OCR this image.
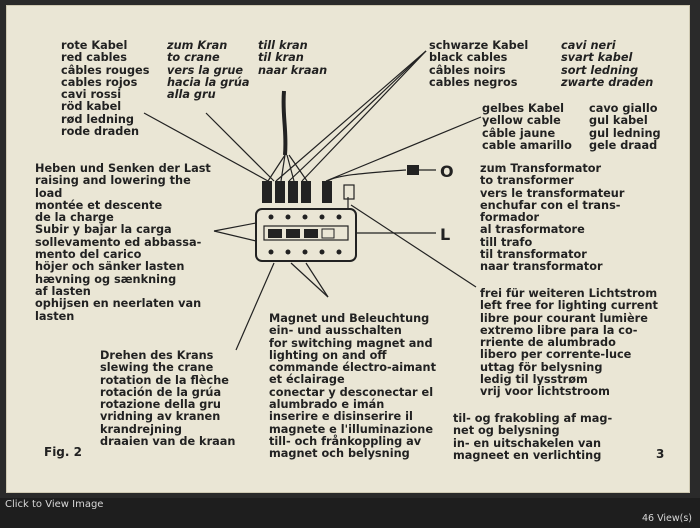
O
L
rote Kabel
red cables
câbles rouges
cables rojos
cavi rossi
röd kabel
rød ledning
rode draden
zum Kran
to crane
vers la grue
hacia la grúa
alla gru
till kran
til kran
naar kraan
schwarze Kabel
black cables
câbles noirs
cables negros
cavi neri
svart kabel
sort ledning
zwarte draden
gelbes Kabel
yellow cable
câble jaune
cable amarillo
cavo giallo
gul kabel
gul ledning
gele draad
Heben und Senken der Last
raising and lowering the
load
montée et descente
de la charge
Subir y bajar la carga
sollevamento ed abbassa-
mento del carico
höjer och sänker lasten
hævning og sænkning
af lasten
ophijsen en neerlaten van
lasten
zum Transformator
to transformer
vers le transformateur
enchufar con el trans-
formador
al trasformatore
till trafo
til transformator
naar transformator
frei für weiteren Lichtstrom
left free for lighting current
libre pour courant lumière
extremo libre para la co-
rriente de alumbrado
libero per corrente-luce
uttag för belysning
ledig til lysstrøm
vrij voor lichtstroom
Magnet und Beleuchtung
ein- und ausschalten
for switching magnet and
lighting on and off
commande électro-aimant
et éclairage
conectar y desconectar el
alumbrado e imán
inserire e disinserire il
magnete e l'illuminazione
till- och frånkoppling av
magnet och belysning
Drehen des Krans
slewing the crane
rotation de la flèche
rotación de la grúa
rotazione della gru
vridning av kranen
krandrejning
draaien van de kraan
til- og frakobling af mag-
net og belysning
in- en uitschakelen van
magneet en verlichting
Fig. 2	3
Click to View Image
46 View(s)
